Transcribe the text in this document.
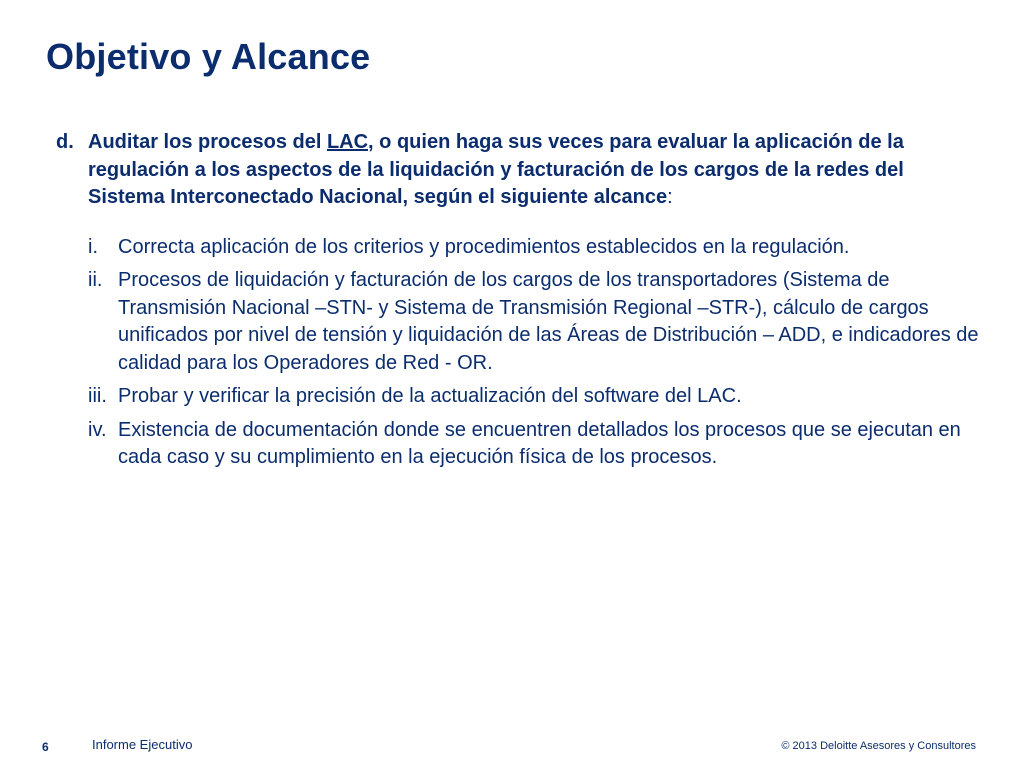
Objetivo y Alcance
d. Auditar los procesos del LAC, o quien haga sus veces para evaluar la aplicación de la regulación a los aspectos de la liquidación y facturación de los cargos de la redes del Sistema Interconectado Nacional, según el siguiente alcance:
i.	Correcta aplicación de los criterios y procedimientos establecidos en la regulación.
ii. Procesos de liquidación y facturación de los cargos de los transportadores (Sistema de Transmisión Nacional –STN- y Sistema de Transmisión Regional –STR-), cálculo de cargos unificados por nivel de tensión y liquidación de las Áreas de Distribución – ADD, e indicadores de calidad para los Operadores de Red - OR.
iii. Probar y verificar la precisión de la actualización del software del LAC.
iv. Existencia de documentación donde se encuentren detallados los procesos que se ejecutan en cada caso y su cumplimiento en la ejecución física de los procesos.
6	Informe Ejecutivo	© 2013 Deloitte Asesores y Consultores
